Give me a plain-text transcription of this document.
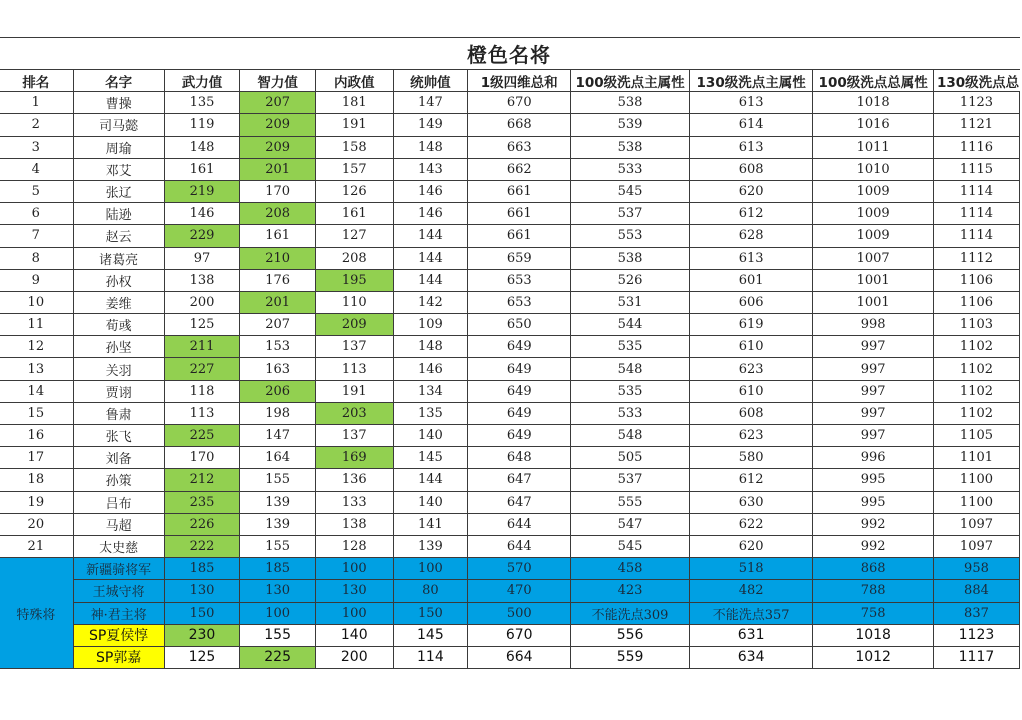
橙色名将										
排名	名字	武力值	智力值	内政值	统帅值	1级四维总和	100级洗点主属性	130级洗点主属性	100级洗点总属性	130级洗点总
1	曹操	135	207	181	147	670	538	613	1018	1123
2	司马懿	119	209	191	149	668	539	614	1016	1121
3	周瑜	148	209	158	148	663	538	613	1011	1116
4	邓艾	161	201	157	143	662	533	608	1010	1115
5	张辽	219	170	126	146	661	545	620	1009	1114
6	陆逊	146	208	161	146	661	537	612	1009	1114
7	赵云	229	161	127	144	661	553	628	1009	1114
8	诸葛亮	97	210	208	144	659	538	613	1007	1112
9	孙权	138	176	195	144	653	526	601	1001	1106
10	姜维	200	201	110	142	653	531	606	1001	1106
11	荀彧	125	207	209	109	650	544	619	998	1103
12	孙坚	211	153	137	148	649	535	610	997	1102
13	关羽	227	163	113	146	649	548	623	997	1102
14	贾诩	118	206	191	134	649	535	610	997	1102
15	鲁肃	113	198	203	135	649	533	608	997	1102
16	张飞	225	147	137	140	649	548	623	997	1105
17	刘备	170	164	169	145	648	505	580	996	1101
18	孙策	212	155	136	144	647	537	612	995	1100
19	吕布	235	139	133	140	647	555	630	995	1100
20	马超	226	139	138	141	644	547	622	992	1097
21	太史慈	222	155	128	139	644	545	620	992	1097
特殊将	新疆骑将军	185	185	100	100	570	458	518	868	958
	王城守将	130	130	130	80	470	423	482	788	884
	神·君主将	150	100	100	150	500	不能洗点309	不能洗点357	758	837
	SP夏侯惇	230	155	140	145	670	556	631	1018	1123
	SP郭嘉	125	225	200	114	664	559	634	1012	1117
